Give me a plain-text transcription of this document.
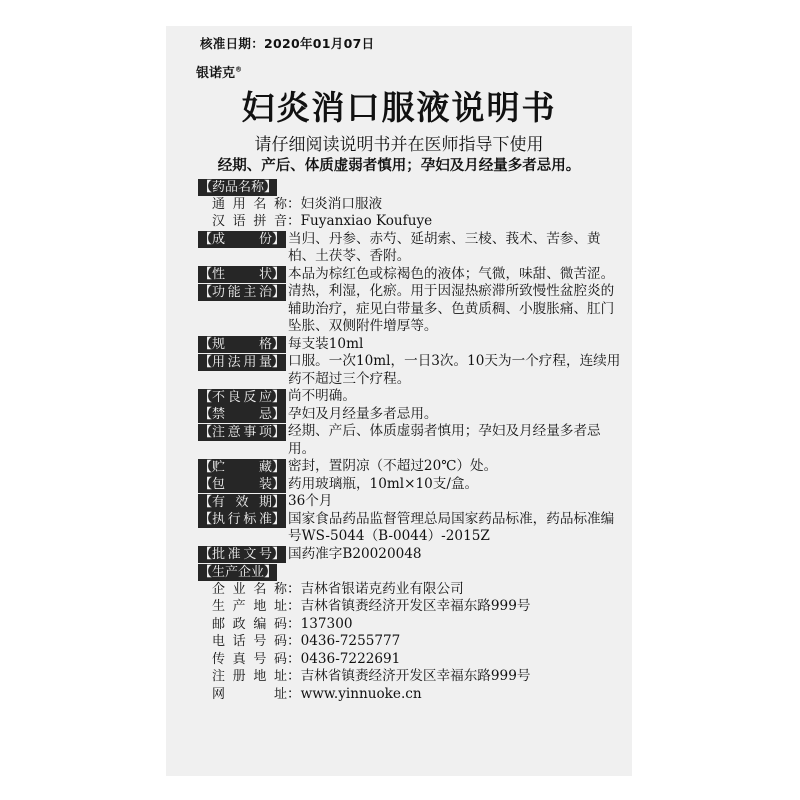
核准日期：2020年01月07日
银诺克®
妇炎消口服液说明书
请仔细阅读说明书并在医师指导下使用
经期、产后、体质虚弱者慎用；孕妇及月经量多者忌用。
【 药品名称 】
通用名称 ： 妇炎消口服液
汉语拼音 ： Fuyanxiao Koufuye
【 成　份 】 当归、丹参、赤芍、延胡索、三棱、莪术、苦参、黄柏、土茯苓、香附。
【 性　状 】 本品为棕红色或棕褐色的液体；气微，味甜、微苦涩。
【 功能主治 】 清热，利湿，化瘀。用于因湿热瘀滞所致慢性盆腔炎的辅助治疗，症见白带量多、色黄质稠、小腹胀痛、肛门坠胀、双侧附件增厚等。
【 规　格 】 每支装10ml
【 用法用量 】 口服。一次10ml，一日3次。10天为一个疗程，连续用药不超过三个疗程。
【 不良反应 】 尚不明确。
【 禁　忌 】 孕妇及月经量多者忌用。
【 注意事项 】 经期、产后、体质虚弱者慎用；孕妇及月经量多者忌用。
【 贮　藏 】 密封，置阴凉（不超过20℃）处。
【 包　装 】 药用玻璃瓶，10ml×10支/盒。
【 有效期 】 36个月
【 执行标准 】 国家食品药品监督管理总局国家药品标准，药品标准编号WS-5044（B-0044）-2015Z
【 批准文号 】 国药准字B20020048
【 生产企业 】
企业名称 ： 吉林省银诺克药业有限公司
生产地址 ： 吉林省镇赉经济开发区幸福东路999号
邮政编码 ： 137300
电话号码 ： 0436-7255777
传真号码 ： 0436-7222691
注册地址 ： 吉林省镇赉经济开发区幸福东路999号
网址 ： www.yinnuoke.cn
